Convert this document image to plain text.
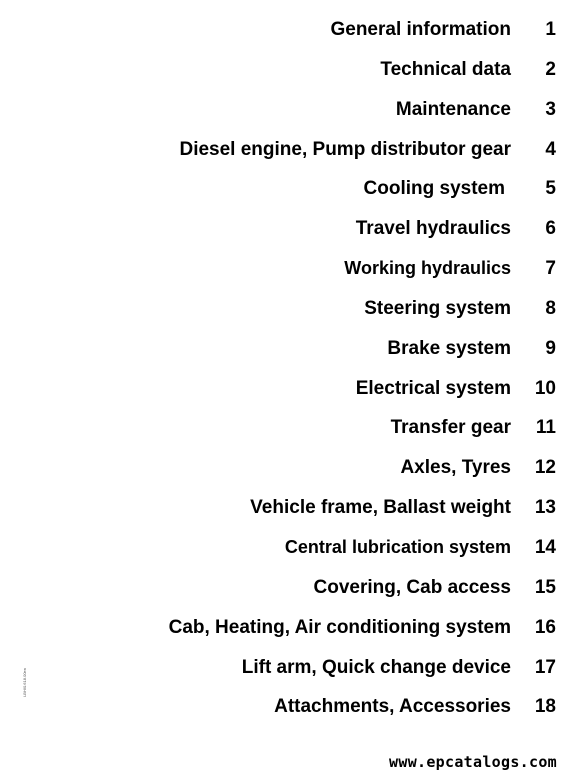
General information 1
Technical data 2
Maintenance 3
Diesel engine, Pump distributor gear 4
Cooling system 5
Travel hydraulics 6
Working hydraulics 7
Steering system 8
Brake system 9
Electrical system 10
Transfer gear 11
Axles, Tyres 12
Vehicle frame, Ballast weight 13
Central lubrication system 14
Covering, Cab access 15
Cab, Heating, Air conditioning system 16
Lift arm, Quick change device 17
Attachments, Accessories 18
LBH/0.618.00en
www.epcatalogs.com
